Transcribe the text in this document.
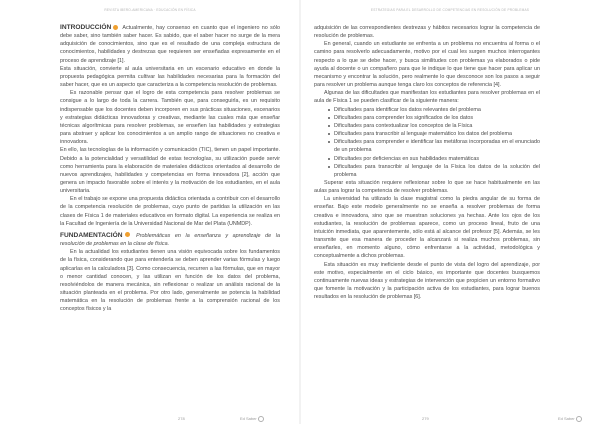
REVISTA IBERO-AMERICANA · EDUCACIÓN EN FÍSICA

INTRODUCCIÓN Actualmente, hay consenso en cuanto que el ingeniero no sólo debe saber, sino también saber hacer. Es sabido, que el saber hacer no surge de la mera adquisición de conocimientos, sino que es el resultado de una compleja estructura de conocimientos, habilidades y destrezas que requieren ser enseñadas expresamente en el proceso de aprendizaje [1].

Esta situación, convierte al aula universitaria en un escenario educativo en donde la propuesta pedagógica permita cultivar las habilidades necesarias para la formación del saber hacer, que es un aspecto que caracteriza a la competencia resolución de problemas.

Es razonable pensar que el logro de esta competencia para resolver problemas se consigue a lo largo de toda la carrera. También que, para conseguirla, es un requisito indispensable que los docentes deben incorporen en sus prácticas situaciones, escenarios y estrategias didácticas innovadoras y creativas, mediante las cuales más que enseñar técnicas algorítmicas para resolver problemas, se enseñen las habilidades y estrategias para abstraer y aplicar los conocimientos a un amplio rango de situaciones no creativa e innovadora.

En ello, las tecnologías de la información y comunicación (TIC), tienen un papel importante. Debido a la potencialidad y versatilidad de estas tecnologías, su utilización puede servir como herramienta para la elaboración de materiales didácticos orientados al desarrollo de nuevos aprendizajes, habilidades y competencias en forma innovadora [2], acción que genera un impacto favorable sobre el interés y la motivación de los estudiantes, en el aula universitaria.

En el trabajo se expone una propuesta didáctica orientada a contribuir con el desarrollo de la competencia resolución de problemas, cuyo punto de partidas la utilización en las clases de Física 1 de materiales educativos en formato digital. La experiencia se realiza en la Facultad de Ingeniería de la Universidad Nacional de Mar del Plata (UNMDP).

FUNDAMENTACIÓN	Problemáticas en la enseñanza y aprendizaje de la resolución de problemas en la clase de física.

En la actualidad los estudiantes tienen una visión equivocada sobre los fundamentos de la física, considerando que para entenderla se deben aprender varias fórmulas y luego aplicarlas en la calculadora [3]. Como consecuencia, recurren a las fórmulas, que en mayor o menor cantidad conocen, y las utilizan en función de los datos del problema, resolviéndolos de manera mecánica, sin reflexionar o realizar un análisis racional de la situación planteada en el problema. Por otro lado, generalmente se potencia la habilidad matemática en la resolución de problemas frente a la comprensión racional de los conceptos físicos y la

278	Ed Saber
ESTRATEGIAS PARA EL DESARROLLO DE COMPETENCIAS EN RESOLUCIÓN DE PROBLEMAS

adquisición de las correspondientes destrezas y hábitos necesarios lograr la competencia de resolución de problemas.

En general, cuando un estudiante se enfrenta a un problema no encuentra al forma o el camino para resolverlo adecuadamente, motivo por el cual les surgen muchos interrogantes respecto a lo que se debe hacer, y busca similitudes con problemas ya elaborados o pide ayuda al docente o un compañero para que le indique lo que tiene que hacer para aplicar un mecanismo y encontrar la solución, pero realmente lo que desconoce son los pasos a seguir para resolver un problema aunque tenga claro los conceptos de referencia [4].

Algunas de las dificultades que manifiestan los estudiantes para resolver problemas en el aula de Física 1 se pueden clasificar de la siguiente manera:

Dificultades para identificar los datos relevantes del problema
Dificultades para comprender los significados de los datos
Dificultades para contextualizar los conceptos de la Física
Dificultades para transcribir al lenguaje matemático los datos del problema
Dificultades para comprender e identificar las metáforas incorporadas en el enunciado de un problema
Dificultades por deficiencias en sus habilidades matemáticas
Dificultades para transcribir al lenguaje de la Física los datos de la solución del problema

Superar esta situación requiere reflexionar sobre lo que se hace habitualmente en las aulas para lograr la competencia de resolver problemas.

La universidad ha utilizado la clase magistral como la piedra angular de su forma de enseñar. Bajo este modelo generalmente no se enseña a resolver problemas de forma creativa e innovadora, sino que se muestran soluciones ya hechas. Ante los ojos de los estudiantes, la resolución de problemas aparece, como un proceso lineal, fruto de una intuición inmediata, que aparentemente, sólo está al alcance del profesor [5]. Además, se les transmite que esa manera de proceder la alcanzará si realiza muchos problemas, sin enseñarles, en momento alguno, cómo enfrentarse a la actividad, metodológica y conceptualmente a dichos problemas.

Esta situación es muy ineficiente desde el punto de vista del logro del aprendizaje, por este motivo, especialmente en el ciclo básico, es importante que docentes busquemos continuamente nuevas ideas y estrategias de intervención que propicien un entorno formativo que fomente la motivación y la participación activa de los estudiantes, para lograr buenos resultados en la resolución de problemas [6].

279	Ed Saber
